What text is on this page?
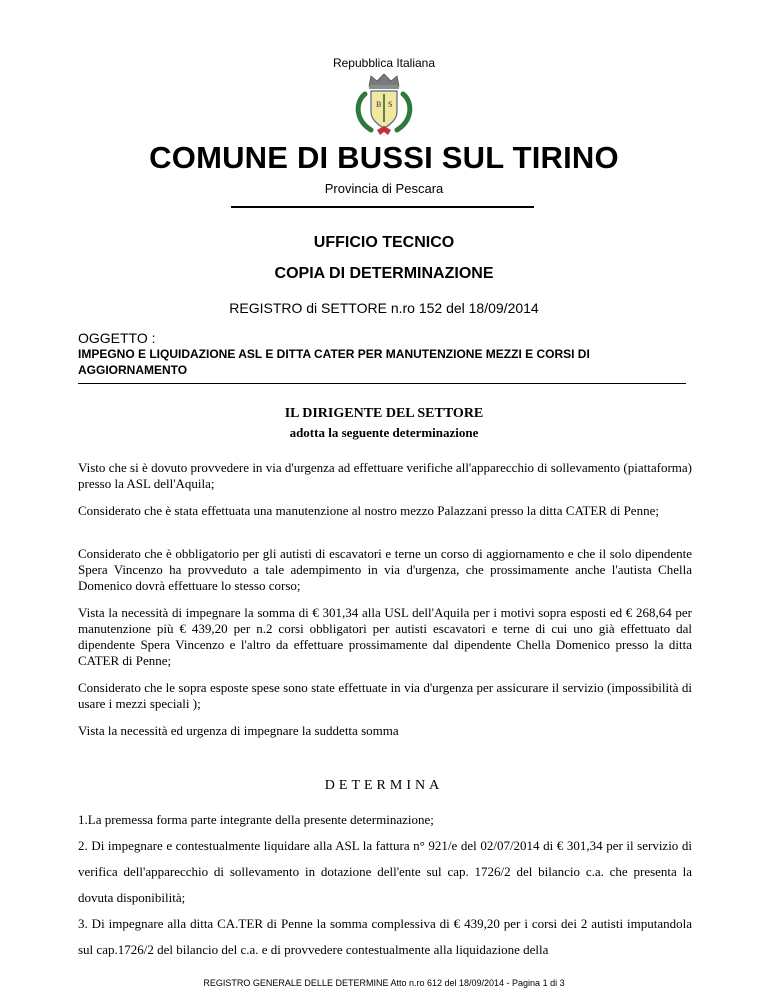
Repubblica Italiana
B S
COMUNE DI BUSSI SUL TIRINO
Provincia di Pescara
UFFICIO TECNICO
COPIA DI DETERMINAZIONE
REGISTRO di SETTORE n.ro 152 del 18/09/2014
OGGETTO :
IMPEGNO E LIQUIDAZIONE ASL E DITTA CATER PER MANUTENZIONE MEZZI E CORSI DI AGGIORNAMENTO
IL DIRIGENTE DEL SETTORE
adotta la seguente determinazione
Visto che si è dovuto provvedere in via d'urgenza ad effettuare verifiche all'apparecchio di sollevamento (piattaforma) presso la ASL dell'Aquila;
Considerato che è stata effettuata una manutenzione al nostro mezzo Palazzani presso la ditta CATER di Penne;
Considerato che è obbligatorio per gli autisti di escavatori e terne un corso di aggiornamento e che il solo dipendente Spera Vincenzo ha provveduto a tale adempimento in via d'urgenza, che prossimamente anche l'autista Chella Domenico dovrà effettuare lo stesso corso;
Vista la necessità di impegnare la somma di € 301,34 alla USL dell'Aquila per i motivi sopra esposti ed € 268,64 per manutenzione più € 439,20 per n.2 corsi obbligatori per autisti escavatori e terne di cui uno già effettuato dal dipendente Spera Vincenzo e l'altro da effettuare prossimamente dal dipendente Chella Domenico presso la ditta CATER di Penne;
Considerato che le sopra esposte spese sono state effettuate in via d'urgenza per assicurare il servizio (impossibilità di usare i mezzi speciali );
Vista la necessità ed urgenza di impegnare la suddetta somma
DETERMINA
1.La premessa forma parte integrante della presente determinazione;
2. Di impegnare e contestualmente liquidare alla ASL la fattura n° 921/e del 02/07/2014 di € 301,34 per il servizio di verifica dell'apparecchio di sollevamento in dotazione dell'ente sul cap. 1726/2 del bilancio c.a. che presenta la dovuta disponibilità;
3. Di impegnare alla ditta CA.TER di Penne la somma complessiva di € 439,20 per i corsi dei 2 autisti imputandola sul cap.1726/2 del bilancio del c.a. e di provvedere contestualmente alla liquidazione della
REGISTRO GENERALE DELLE DETERMINE Atto n.ro 612 del 18/09/2014 - Pagina 1 di 3
